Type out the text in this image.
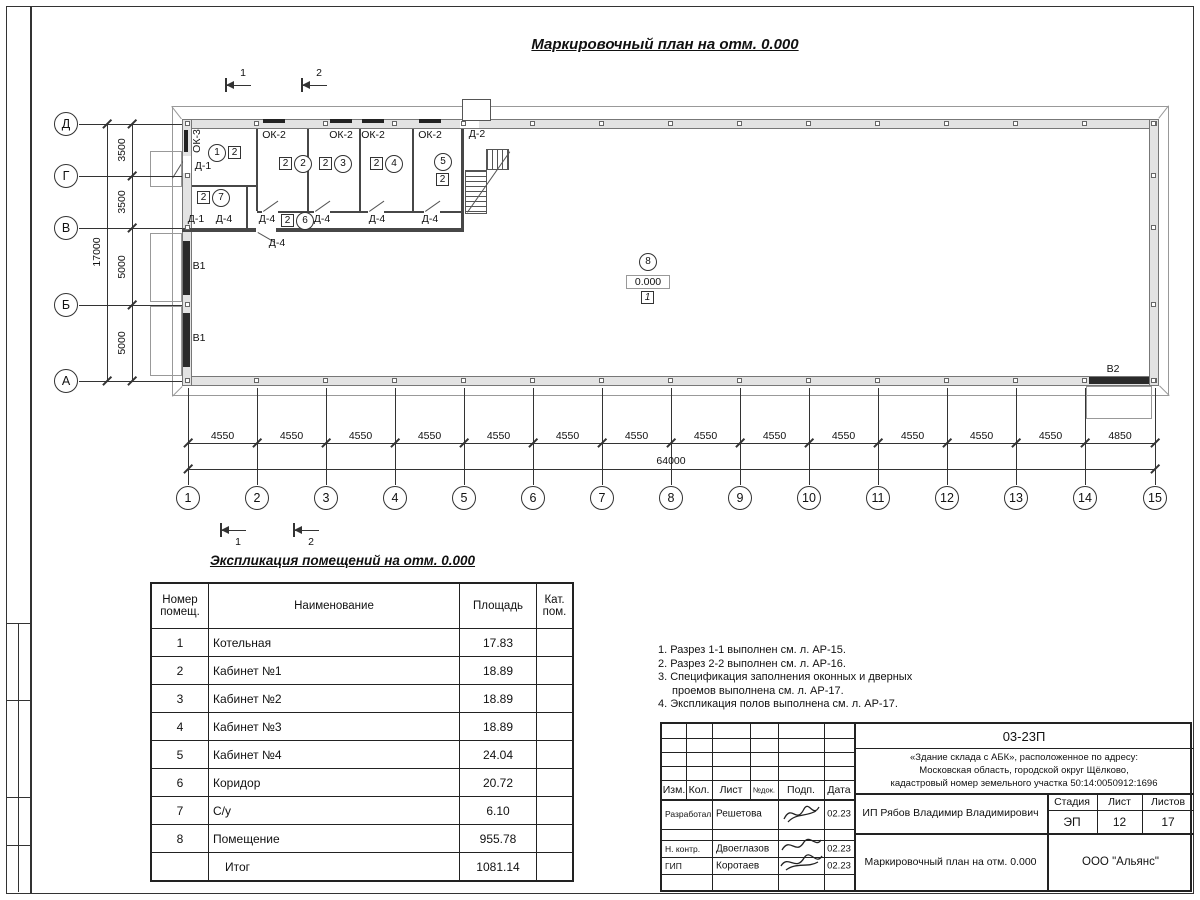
Маркировочный план на отм. 0.000
Д
Г
В
Б
А
3500
3500
5000
5000
17000
1	2	3	4	5	6	7	8	9	10	11	12	13	14	15
4550	4550	4550	4550	4550	4550	4550	4550	4550	4550	4550	4550	4550	4850
64000
ОК-2	ОК-2 ОК-2	ОК-2
ОК-3
Д-1
Д-1 Д-4	Д-4	Д-4	Д-4	Д-4
Д-4
Д-2
В1
В1
В2
1	2
2
2	3
2	4
2	5
2
6
2
7
2
8
1
0.000
1	2
1	2
Экспликация помещений на отм. 0.000
Номер помещ.	Наименование	Площадь	Кат. пом.
1	Котельная	17.83	
2	Кабинет №1	18.89	
3	Кабинет №2	18.89	
4	Кабинет №3	18.89	
5	Кабинет №4	24.04	
6	Коридор	20.72	
7	С/у	6.10	
8	Помещение	955.78	
	Итог	1081.14	
1. Разрез 1-1 выполнен см. л. АР-15.
2. Разрез 2-2 выполнен см. л. АР-16.
3. Спецификация заполнения оконных и дверных
проемов выполнена см. л. АР-17.
4. Экспликация полов выполнена см. л. АР-17.
03-23П
«Здание склада с АБК», расположенное по адресу:
Московская область, городской округ Щёлково,
кадастровый номер земельного участка 50:14:0050912:1696
ИП Рябов Владимир Владимирович
Стадия	Лист	Листов
ЭП	12	17
Маркировочный план на отм. 0.000	ООО "Альянс"
Изм. Кол. Лист №док. Подп. Дата
Разработал Решетова	02.23
Н. контр. Двоеглазов	02.23
ГИП	Коротаев	02.23
